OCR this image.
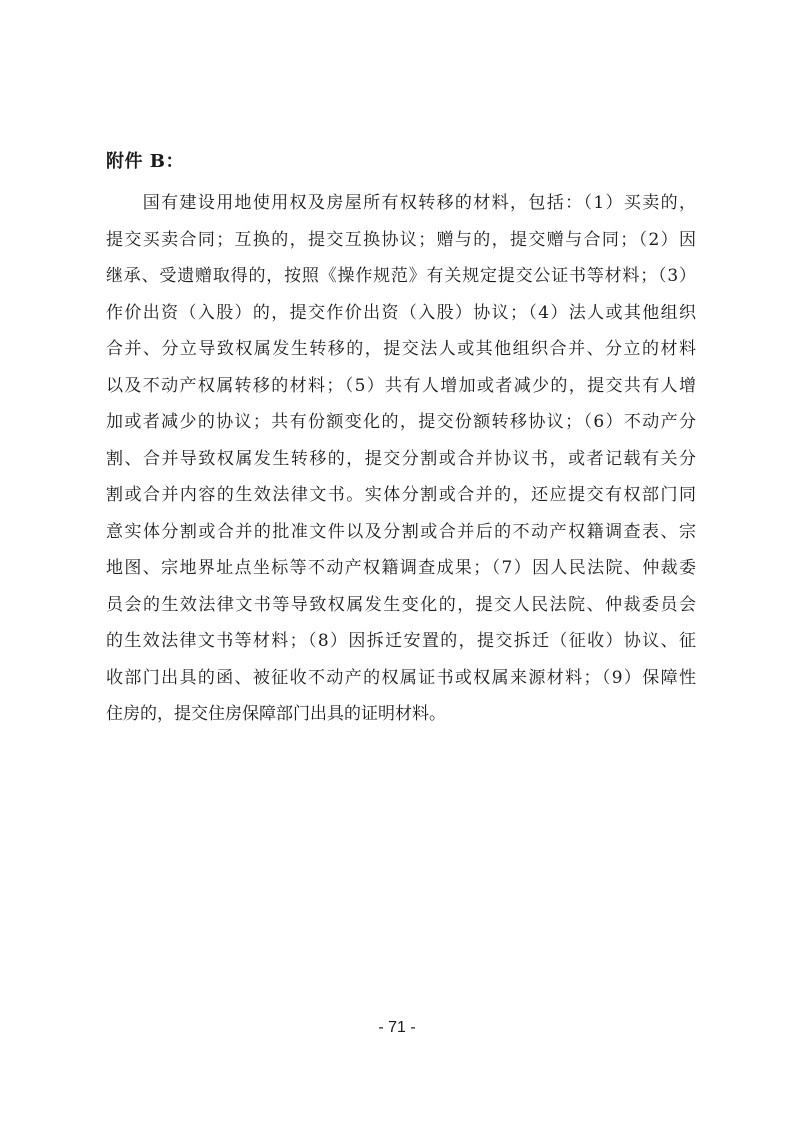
附件 B：
　　国有建设用地使用权及房屋所有权转移的材料，包括：（1）买卖的，
提交买卖合同；互换的，提交互换协议；赠与的，提交赠与合同；（2）因
继承、受遗赠取得的，按照《操作规范》有关规定提交公证书等材料；（3）
作价出资（入股）的，提交作价出资（入股）协议；（4）法人或其他组织
合并、分立导致权属发生转移的，提交法人或其他组织合并、分立的材料
以及不动产权属转移的材料；（5）共有人增加或者减少的，提交共有人增
加或者减少的协议；共有份额变化的，提交份额转移协议；（6）不动产分
割、合并导致权属发生转移的，提交分割或合并协议书，或者记载有关分
割或合并内容的生效法律文书。实体分割或合并的，还应提交有权部门同
意实体分割或合并的批准文件以及分割或合并后的不动产权籍调查表、宗
地图、宗地界址点坐标等不动产权籍调查成果；（7）因人民法院、仲裁委
员会的生效法律文书等导致权属发生变化的，提交人民法院、仲裁委员会
的生效法律文书等材料；（8）因拆迁安置的，提交拆迁（征收）协议、征
收部门出具的函、被征收不动产的权属证书或权属来源材料；（9）保障性
住房的，提交住房保障部门出具的证明材料。
- 71 -
